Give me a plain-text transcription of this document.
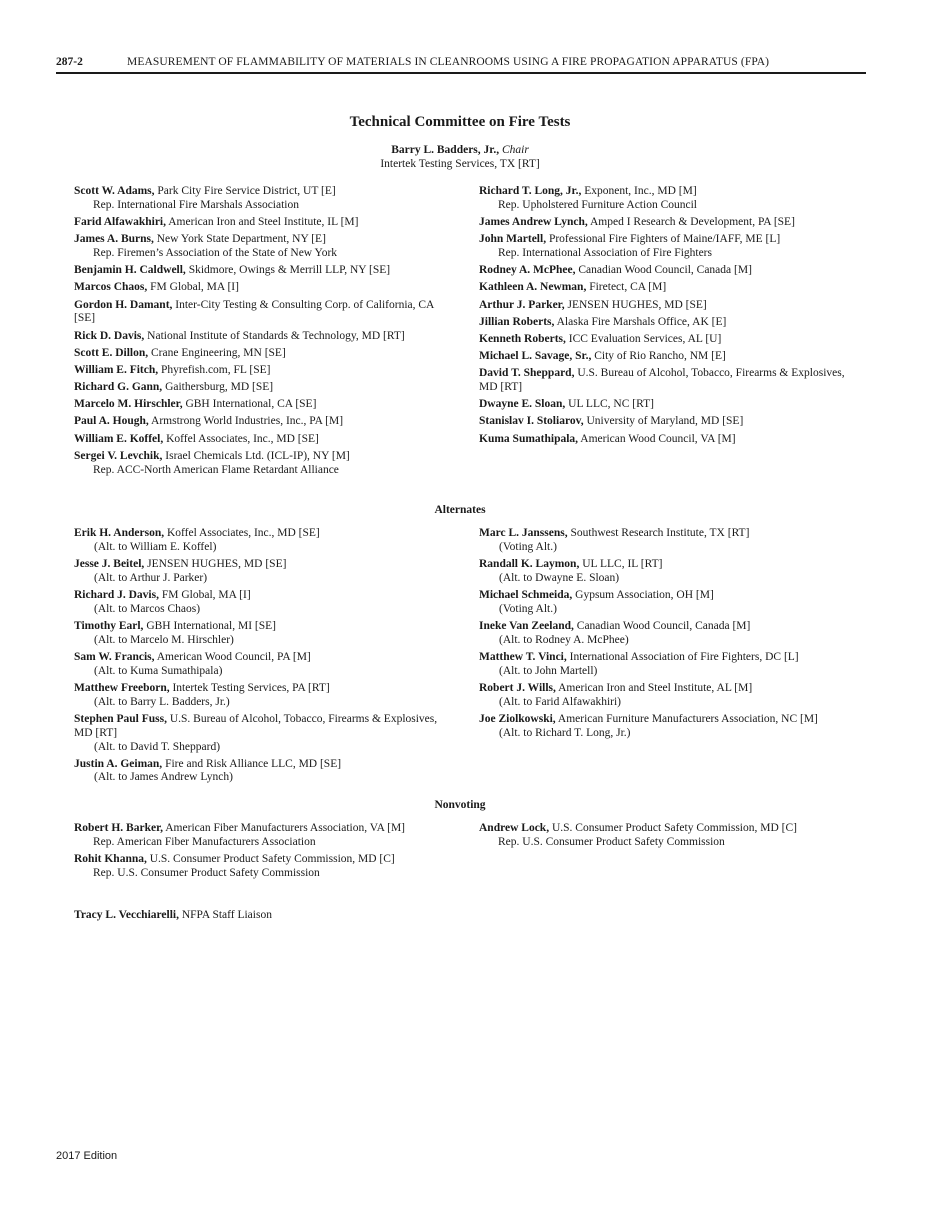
287-2	MEASUREMENT OF FLAMMABILITY OF MATERIALS IN CLEANROOMS USING A FIRE PROPAGATION APPARATUS (FPA)
Technical Committee on Fire Tests
Barry L. Badders, Jr., Chair
Intertek Testing Services, TX [RT]
Scott W. Adams, Park City Fire Service District, UT [E]
Rep. International Fire Marshals Association
Farid Alfawakhiri, American Iron and Steel Institute, IL [M]
James A. Burns, New York State Department, NY [E]
Rep. Firemen’s Association of the State of New York
Benjamin H. Caldwell, Skidmore, Owings & Merrill LLP, NY [SE]
Marcos Chaos, FM Global, MA [I]
Gordon H. Damant, Inter-City Testing & Consulting Corp. of California, CA [SE]
Rick D. Davis, National Institute of Standards & Technology, MD [RT]
Scott E. Dillon, Crane Engineering, MN [SE]
William E. Fitch, Phyrefish.com, FL [SE]
Richard G. Gann, Gaithersburg, MD [SE]
Marcelo M. Hirschler, GBH International, CA [SE]
Paul A. Hough, Armstrong World Industries, Inc., PA [M]
William E. Koffel, Koffel Associates, Inc., MD [SE]
Sergei V. Levchik, Israel Chemicals Ltd. (ICL-IP), NY [M]
Rep. ACC-North American Flame Retardant Alliance
Richard T. Long, Jr., Exponent, Inc., MD [M]
Rep. Upholstered Furniture Action Council
James Andrew Lynch, Amped I Research & Development, PA [SE]
John Martell, Professional Fire Fighters of Maine/IAFF, ME [L]
Rep. International Association of Fire Fighters
Rodney A. McPhee, Canadian Wood Council, Canada [M]
Kathleen A. Newman, Firetect, CA [M]
Arthur J. Parker, JENSEN HUGHES, MD [SE]
Jillian Roberts, Alaska Fire Marshals Office, AK [E]
Kenneth Roberts, ICC Evaluation Services, AL [U]
Michael L. Savage, Sr., City of Rio Rancho, NM [E]
David T. Sheppard, U.S. Bureau of Alcohol, Tobacco, Firearms & Explosives, MD [RT]
Dwayne E. Sloan, UL LLC, NC [RT]
Stanislav I. Stoliarov, University of Maryland, MD [SE]
Kuma Sumathipala, American Wood Council, VA [M]
Alternates
Erik H. Anderson, Koffel Associates, Inc., MD [SE]
(Alt. to William E. Koffel)
Jesse J. Beitel, JENSEN HUGHES, MD [SE]
(Alt. to Arthur J. Parker)
Richard J. Davis, FM Global, MA [I]
(Alt. to Marcos Chaos)
Timothy Earl, GBH International, MI [SE]
(Alt. to Marcelo M. Hirschler)
Sam W. Francis, American Wood Council, PA [M]
(Alt. to Kuma Sumathipala)
Matthew Freeborn, Intertek Testing Services, PA [RT]
(Alt. to Barry L. Badders, Jr.)
Stephen Paul Fuss, U.S. Bureau of Alcohol, Tobacco, Firearms & Explosives, MD [RT]
(Alt. to David T. Sheppard)
Justin A. Geiman, Fire and Risk Alliance LLC, MD [SE]
(Alt. to James Andrew Lynch)
Marc L. Janssens, Southwest Research Institute, TX [RT]
(Voting Alt.)
Randall K. Laymon, UL LLC, IL [RT]
(Alt. to Dwayne E. Sloan)
Michael Schmeida, Gypsum Association, OH [M]
(Voting Alt.)
Ineke Van Zeeland, Canadian Wood Council, Canada [M]
(Alt. to Rodney A. McPhee)
Matthew T. Vinci, International Association of Fire Fighters, DC [L]
(Alt. to John Martell)
Robert J. Wills, American Iron and Steel Institute, AL [M]
(Alt. to Farid Alfawakhiri)
Joe Ziolkowski, American Furniture Manufacturers Association, NC [M]
(Alt. to Richard T. Long, Jr.)
Nonvoting
Robert H. Barker, American Fiber Manufacturers Association, VA [M]
Rep. American Fiber Manufacturers Association
Rohit Khanna, U.S. Consumer Product Safety Commission, MD [C]
Rep. U.S. Consumer Product Safety Commission
Andrew Lock, U.S. Consumer Product Safety Commission, MD [C]
Rep. U.S. Consumer Product Safety Commission
Tracy L. Vecchiarelli, NFPA Staff Liaison
2017 Edition
